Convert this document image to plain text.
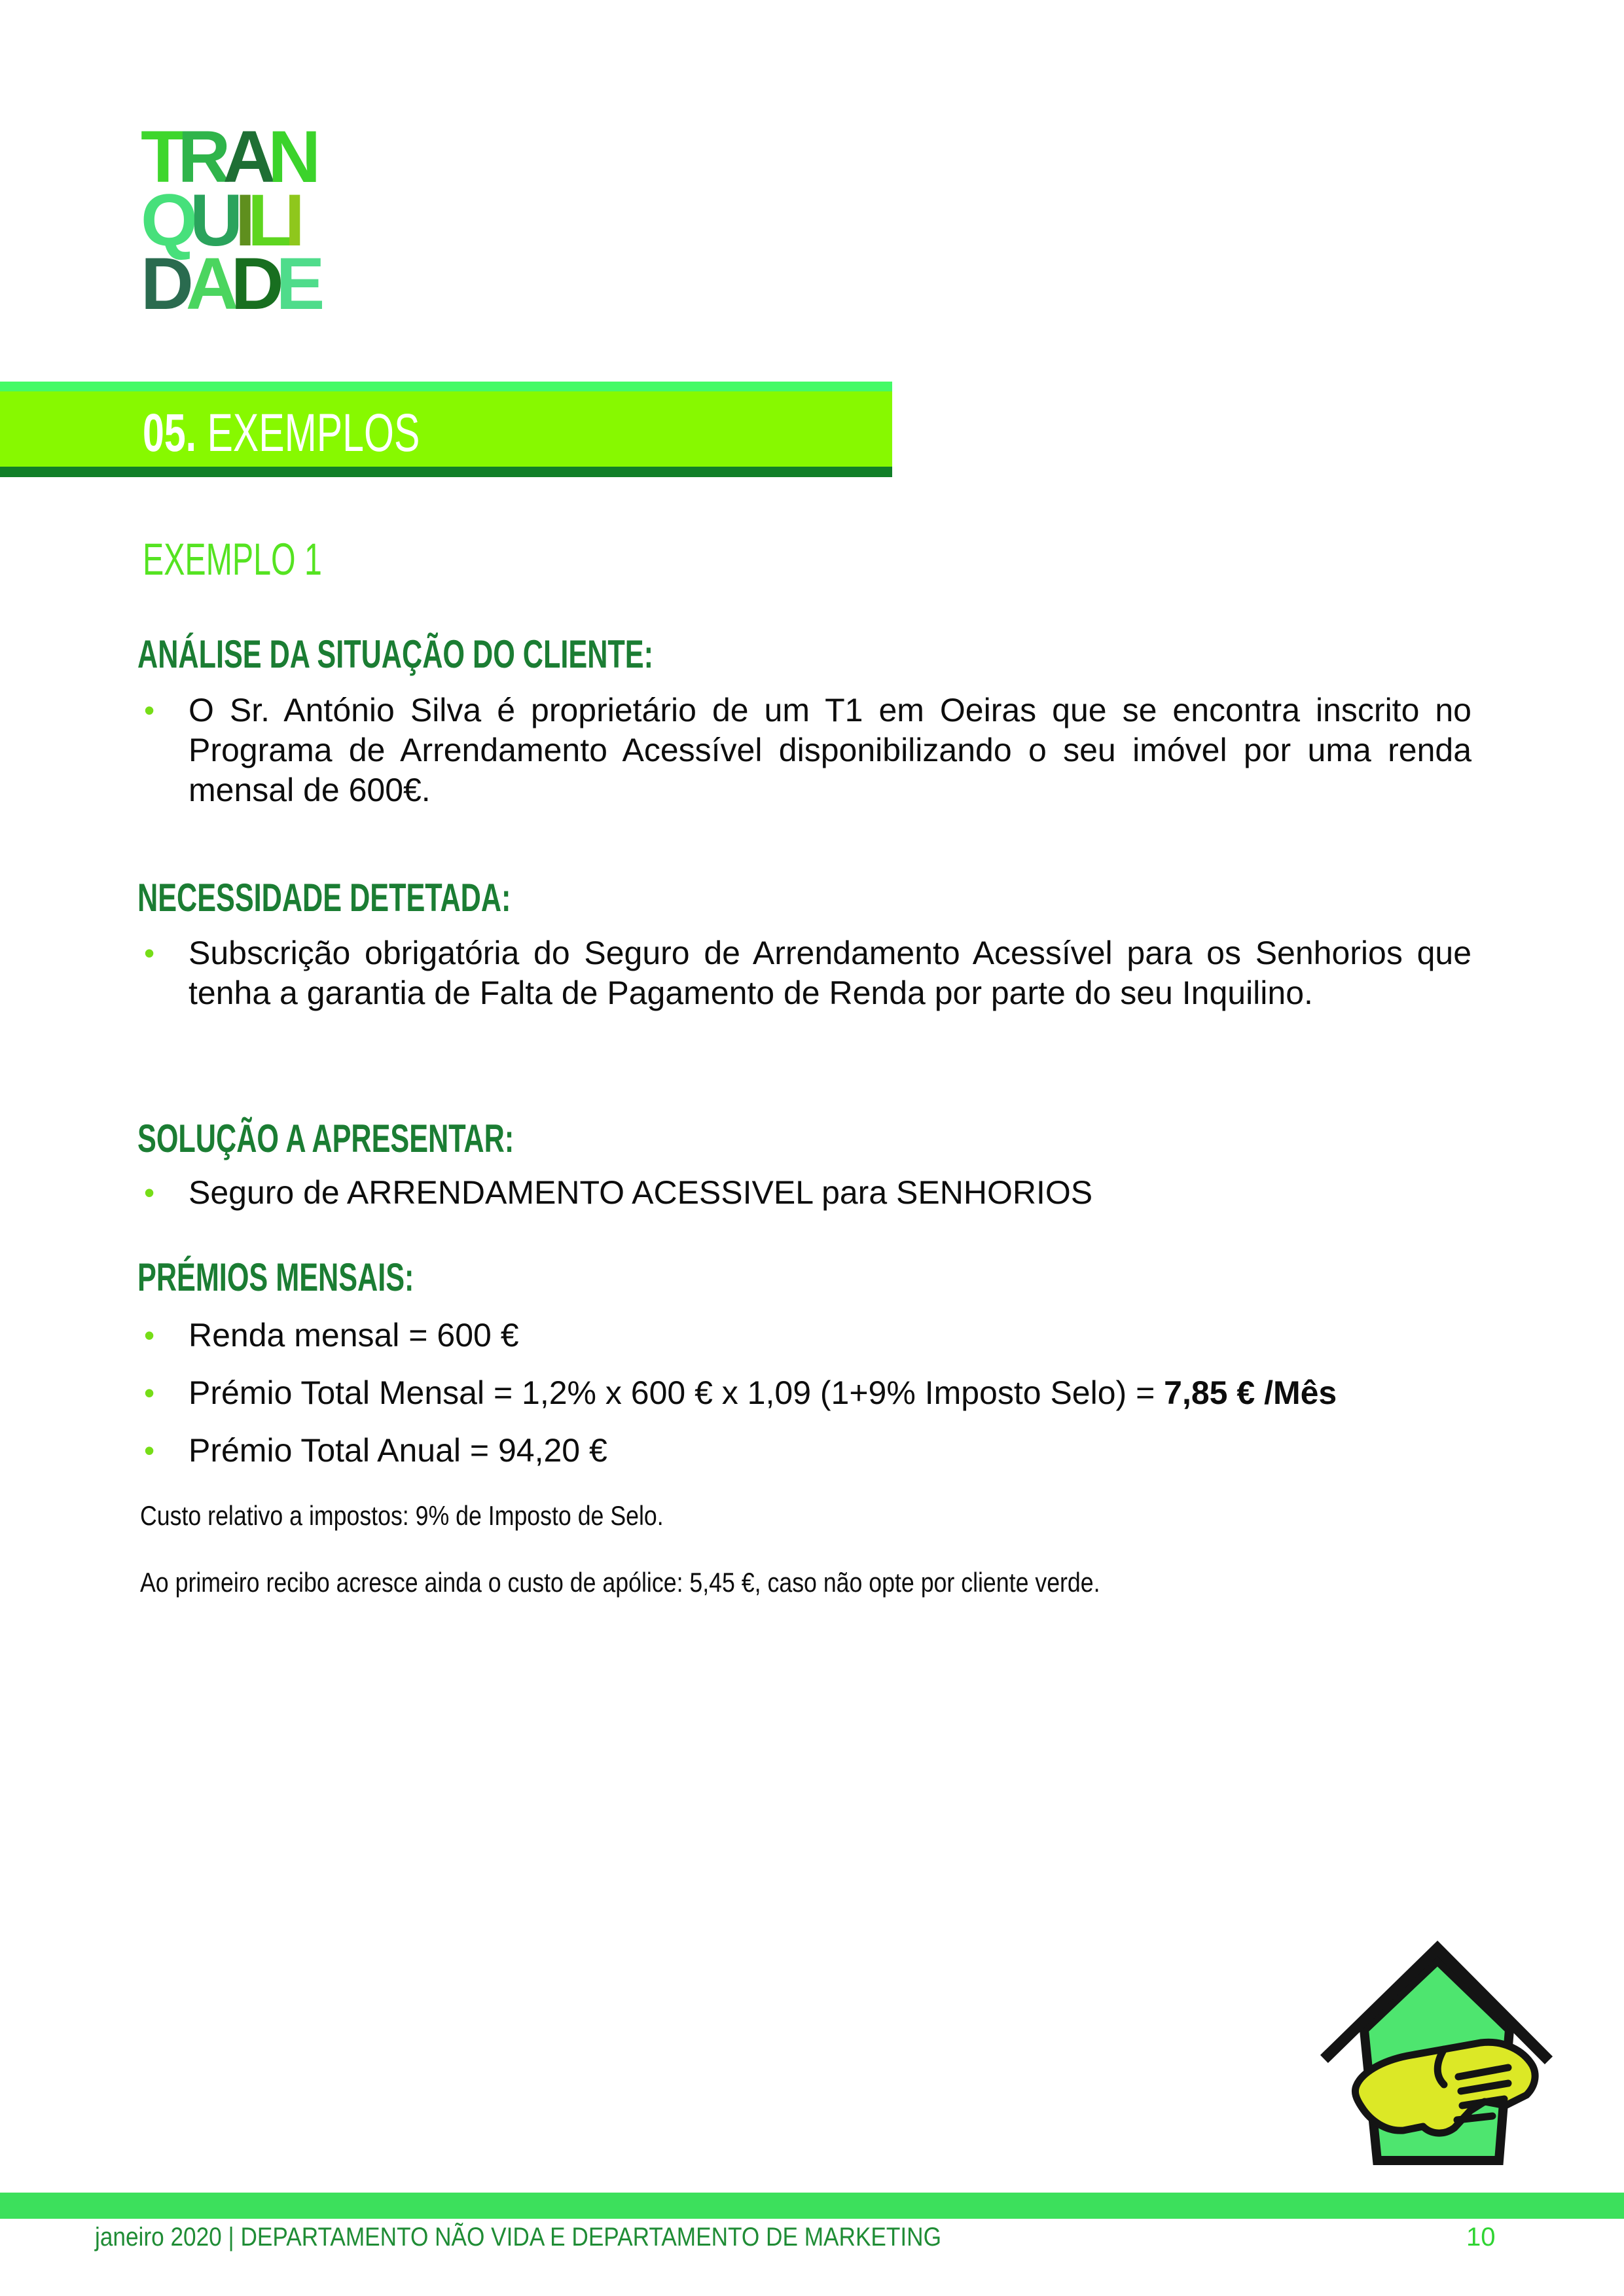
TRAN
QUILI
DADE
05. EXEMPLOS
EXEMPLO 1
ANÁLISE DA SITUAÇÃO DO CLIENTE:
• O Sr. António Silva é proprietário de um T1 em Oeiras que se encontra inscrito no Programa de Arrendamento Acessível disponibilizando o seu imóvel por uma renda mensal de 600€.
NECESSIDADE DETETADA:
• Subscrição obrigatória do Seguro de Arrendamento Acessível para os Senhorios que tenha a garantia de Falta de Pagamento de Renda por parte do seu Inquilino.
SOLUÇÃO A APRESENTAR:
• Seguro de ARRENDAMENTO ACESSIVEL para SENHORIOS
PRÉMIOS MENSAIS:
• Renda mensal = 600 €
• Prémio Total Mensal = 1,2% x 600 € x 1,09 (1+9% Imposto Selo) = 7,85 € /Mês
• Prémio Total Anual = 94,20 €
Custo relativo a impostos: 9% de Imposto de Selo.
Ao primeiro recibo acresce ainda o custo de apólice: 5,45 €, caso não opte por cliente verde.
janeiro 2020 | DEPARTAMENTO NÃO VIDA E DEPARTAMENTO DE MARKETING	10
